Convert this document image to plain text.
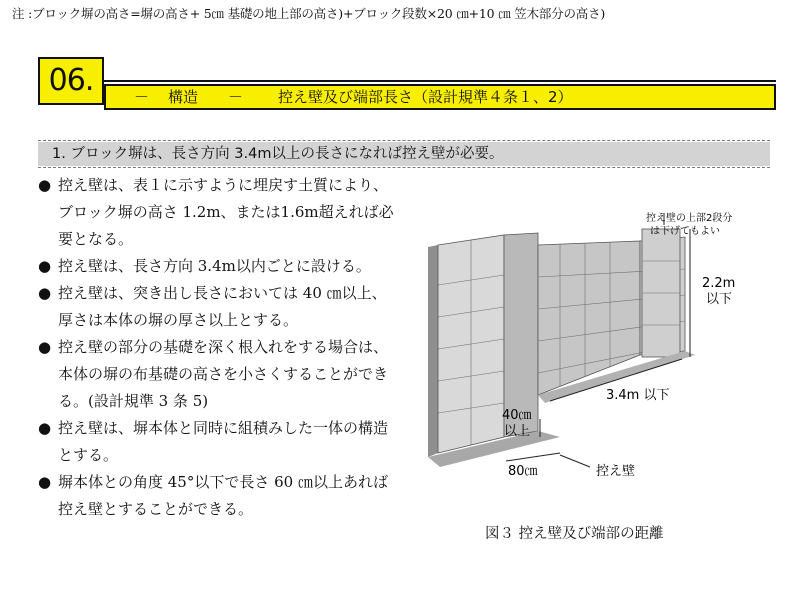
注 :ブロック塀の高さ=塀の高さ+ 5㎝ 基礎の地上部の高さ)+ブロック段数×20 ㎝+10 ㎝ 笠木部分の高さ)
06.	－ 構造 － 控え壁及び端部長さ（設計規準４条１、2）
1. ブロック塀は、長さ方向 3.4m以上の長さになれば控え壁が必要。
● 控え壁は、表１に示すように埋戻す土質により、ブロック塀の高さ 1.2m、または1.6m超えれば必要となる。
● 控え壁は、長さ方向 3.4m以内ごとに設ける。
● 控え壁は、突き出し長さにおいては 40 ㎝以上、厚さは本体の塀の厚さ以上とする。
● 控え壁の部分の基礎を深く根入れをする場合は、本体の塀の布基礎の高さを小さくすることができる。(設計規準 3 条 5)
● 控え壁は、塀本体と同時に組積みした一体の構造とする。
● 塀本体との角度 45°以下で長さ 60 ㎝以上あれば控え壁とすることができる。
控え壁の上部2段分
は下げてもよい
2.2m
以下
3.4m 以下
40㎝
以上
80㎝	控え壁
図３ 控え壁及び端部の距離
